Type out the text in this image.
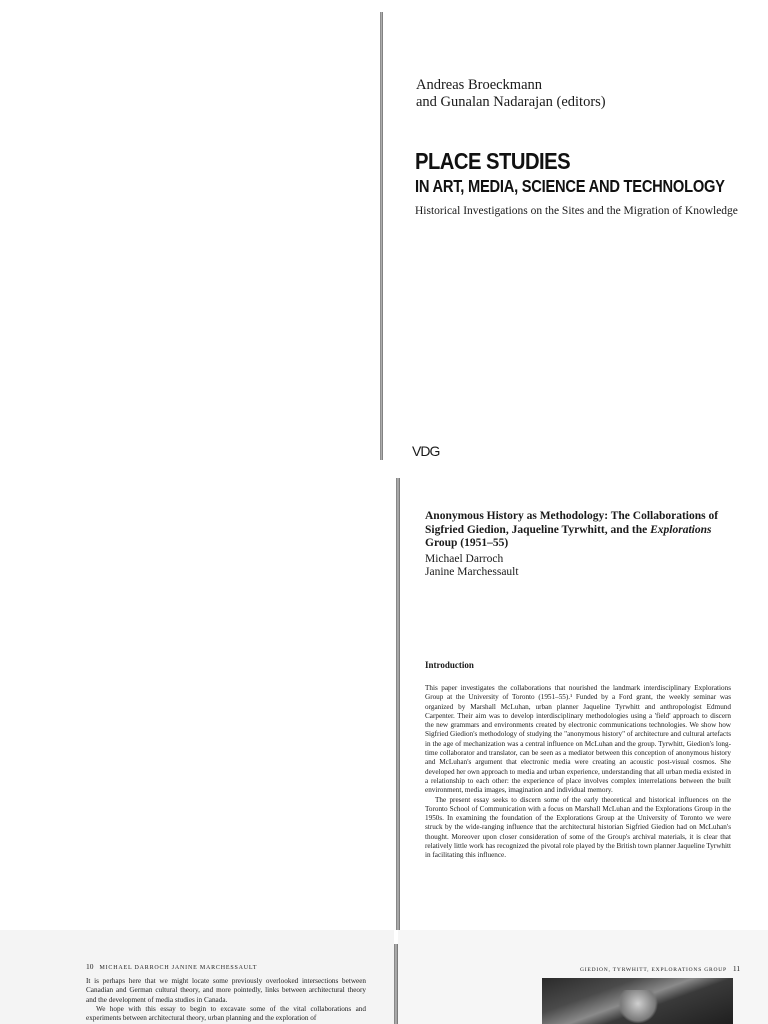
Andreas Broeckmann
and Gunalan Nadarajan (editors)
PLACE STUDIES
IN ART, MEDIA, SCIENCE AND TECHNOLOGY
Historical Investigations on the Sites and the Migration of Knowledge
VDG
Anonymous History as Methodology: The Collaborations of Sigfried Giedion, Jaqueline Tyrwhitt, and the Explorations Group (1951–55)
Michael Darroch
Janine Marchessault
Introduction

This paper investigates the collaborations that nourished the landmark interdisciplinary Explorations Group at the University of Toronto (1951–55).¹ Funded by a Ford grant, the weekly seminar was organized by Marshall McLuhan, urban planner Jaqueline Tyrwhitt and anthropologist Edmund Carpenter. Their aim was to develop interdisciplinary methodologies using a 'field' approach to discern the new grammars and environments created by electronic communications technologies. We show how Sigfried Giedion's methodology of studying the "anonymous history" of architecture and cultural artefacts in the age of mechanization was a central influence on McLuhan and the group. Tyrwhitt, Giedion's long-time collaborator and translator, can be seen as a mediator between this conception of anonymous history and McLuhan's argument that electronic media were creating an acoustic post-visual cosmos. She developed her own approach to media and urban experience, understanding that all urban media existed in a relationship to each other: the experience of place involves complex interrelations between the built environment, media images, imagination and individual memory.

The present essay seeks to discern some of the early theoretical and historical influences on the Toronto School of Communication with a focus on Marshall McLuhan and the Explorations Group in the 1950s. In examining the foundation of the Explorations Group at the University of Toronto we were struck by the wide-ranging influence that the architectural historian Sigfried Giedion had on McLuhan's thought. Moreover upon closer consideration of some of the Group's archival materials, it is clear that relatively little work has recognized the pivotal role played by the British town planner Jaqueline Tyrwhitt in facilitating this influence.

10 MICHAEL DARROCH JANINE MARCHESSAULT

It is perhaps here that we might locate some previously overlooked intersections between Canadian and German cultural theory, and more pointedly, links between architectural theory and the development of media studies in Canada.

We hope with this essay to begin to excavate some of the vital collaborations and experiments between architectural theory, urban planning and the exploration of

GIEDION, TYRWHITT, EXPLORATIONS GROUP 11
